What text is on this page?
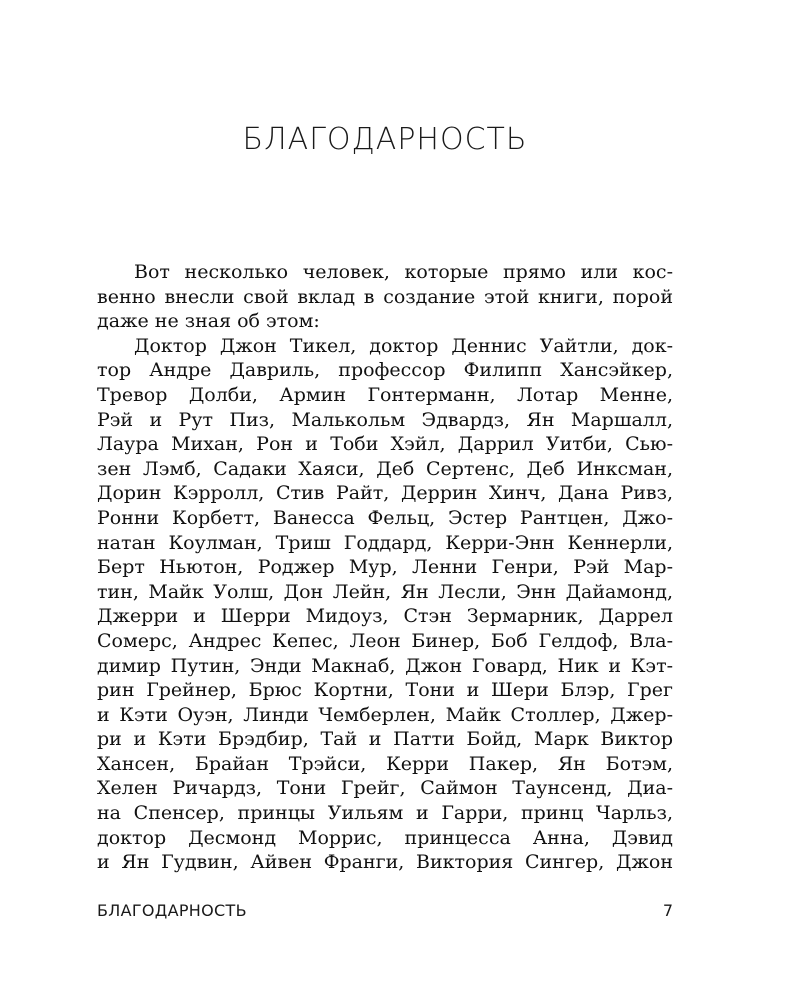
БЛАГОДАРНОСТЬ
Вот несколько человек, которые прямо или кос-
венно внесли свой вклад в создание этой книги, порой
даже не зная об этом:
Доктор Джон Тикел, доктор Деннис Уайтли, док-
тор Андре Давриль, профессор Филипп Хансэйкер,
Тревор Долби, Армин Гонтерманн, Лотар Менне,
Рэй и Рут Пиз, Малькольм Эдвардз, Ян Маршалл,
Лаура Михан, Рон и Тоби Хэйл, Даррил Уитби, Сью-
зен Лэмб, Садаки Хаяси, Деб Сертенс, Деб Инксман,
Дорин Кэрролл, Стив Райт, Деррин Хинч, Дана Ривз,
Ронни Корбетт, Ванесса Фельц, Эстер Рантцен, Джо-
натан Коулман, Триш Годдард, Керри-Энн Кеннерли,
Берт Ньютон, Роджер Мур, Ленни Генри, Рэй Мар-
тин, Майк Уолш, Дон Лейн, Ян Лесли, Энн Дайамонд,
Джерри и Шерри Мидоуз, Стэн Зермарник, Даррел
Сомерс, Андрес Кепес, Леон Бинер, Боб Гелдоф, Вла-
димир Путин, Энди Макнаб, Джон Говард, Ник и Кэт-
рин Грейнер, Брюс Кортни, Тони и Шери Блэр, Грег
и Кэти Оуэн, Линди Чемберлен, Майк Столлер, Джер-
ри и Кэти Брэдбир, Тай и Патти Бойд, Марк Виктор
Хансен, Брайан Трэйси, Керри Пакер, Ян Ботэм,
Хелен Ричардз, Тони Грейг, Саймон Таунсенд, Диа-
на Спенсер, принцы Уильям и Гарри, принц Чарльз,
доктор Десмонд Моррис, принцесса Анна, Дэвид
и Ян Гудвин, Айвен Франги, Виктория Сингер, Джон
БЛАГОДАРНОСТЬ	7
